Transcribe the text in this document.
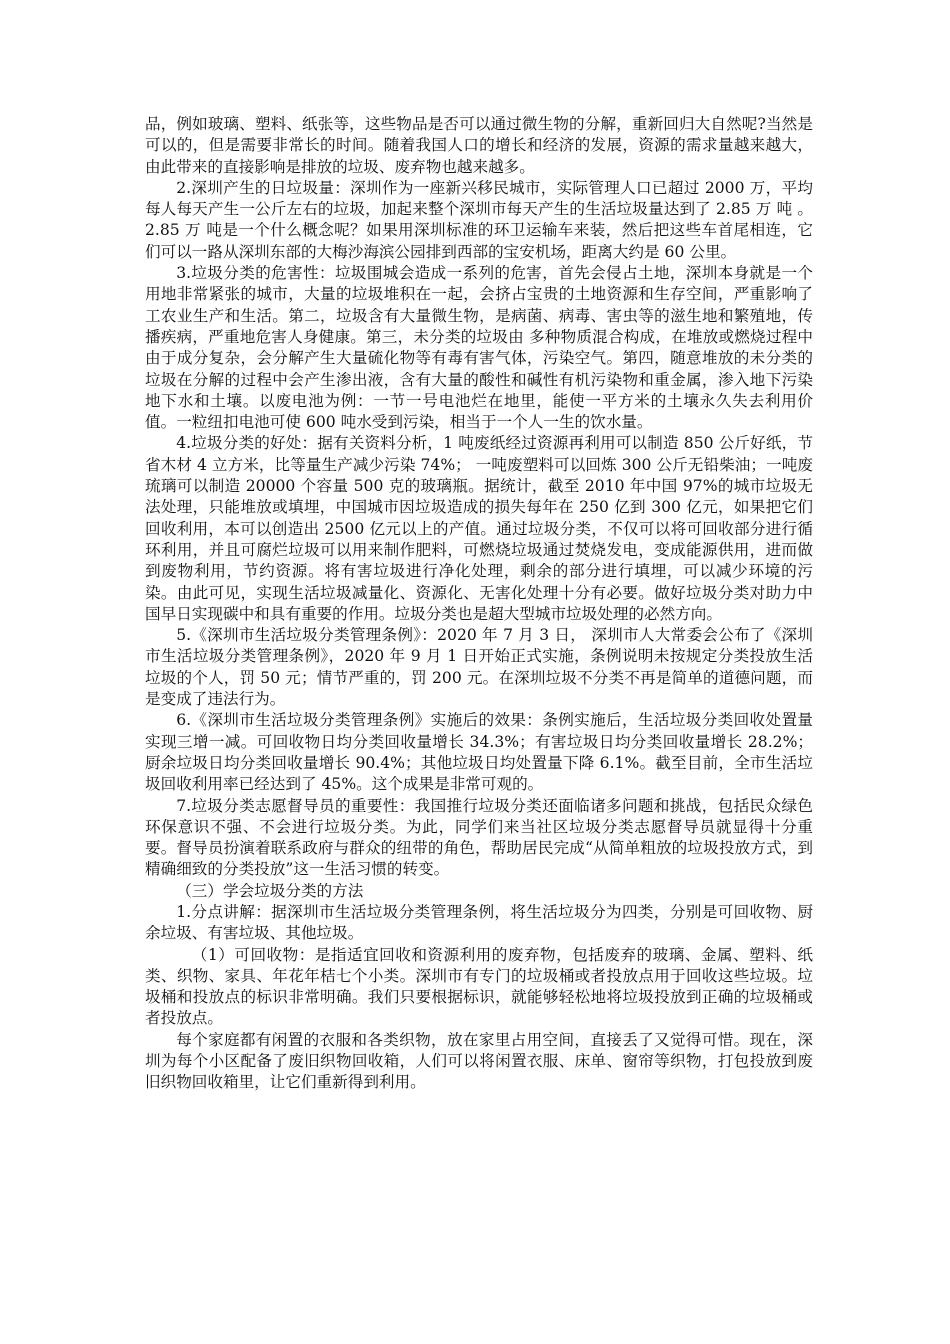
品，例如玻璃、塑料、纸张等，这些物品是否可以通过微生物的分解，重新回归大自然呢?当然是可以的，但是需要非常长的时间。随着我国人口的增长和经济的发展，资源的需求量越来越大，由此带来的直接影响是排放的垃圾、废弃物也越来越多。

2.深圳产生的日垃圾量：深圳作为一座新兴移民城市，实际管理人口已超过 2000 万，平均每人每天产生一公斤左右的垃圾，加起来整个深圳市每天产生的生活垃圾量达到了 2.85 万 吨 。2.85 万 吨是一个什么概念呢？如果用深圳标准的环卫运输车来装，然后把这些车首尾相连，它们可以一路从深圳东部的大梅沙海滨公园排到西部的宝安机场，距离大约是 60 公里。

3.垃圾分类的危害性：垃圾围城会造成一系列的危害，首先会侵占土地，深圳本身就是一个用地非常紧张的城市，大量的垃圾堆积在一起，会挤占宝贵的土地资源和生存空间，严重影响了工农业生产和生活。第二，垃圾含有大量微生物，是病菌、病毒、害虫等的滋生地和繁殖地，传播疾病，严重地危害人身健康。第三，未分类的垃圾由 多种物质混合构成，在堆放或燃烧过程中由于成分复杂，会分解产生大量硫化物等有毒有害气体，污染空气。第四，随意堆放的未分类的垃圾在分解的过程中会产生渗出液，含有大量的酸性和碱性有机污染物和重金属，渗入地下污染地下水和土壤。以废电池为例：一节一号电池烂在地里，能使一平方米的土壤永久失去利用价值。一粒纽扣电池可使 600 吨水受到污染，相当于一个人一生的饮水量。

4.垃圾分类的好处：据有关资料分析，1 吨废纸经过资源再利用可以制造 850 公斤好纸，节省木材 4 立方米，比等量生产减少污染 74%； 一吨废塑料可以回炼 300 公斤无铅柴油；一吨废琉璃可以制造 20000 个容量 500 克的玻璃瓶。据统计，截至 2010 年中国 97%的城市垃圾无法处理，只能堆放或填埋，中国城市因垃圾造成的损失每年在 250 亿到 300 亿元，如果把它们回收利用，本可以创造出 2500 亿元以上的产值。通过垃圾分类，不仅可以将可回收部分进行循环利用，并且可腐烂垃圾可以用来制作肥料，可燃烧垃圾通过焚烧发电，变成能源供用，进而做到废物利用，节约资源。将有害垃圾进行净化处理，剩余的部分进行填埋，可以减少环境的污染。由此可见，实现生活垃圾减量化、资源化、无害化处理十分有必要。做好垃圾分类对助力中国早日实现碳中和具有重要的作用。垃圾分类也是超大型城市垃圾处理的必然方向。

5.《深圳市生活垃圾分类管理条例》：2020 年 7 月 3 日， 深圳市人大常委会公布了《深圳市生活垃圾分类管理条例》，2020 年 9 月 1 日开始正式实施，条例说明未按规定分类投放生活垃圾的个人，罚 50 元；情节严重的，罚 200 元。在深圳垃圾不分类不再是简单的道德问题，而是变成了违法行为。

6.《深圳市生活垃圾分类管理条例》实施后的效果：条例实施后，生活垃圾分类回收处置量实现三增一减。可回收物日均分类回收量增长 34.3%；有害垃圾日均分类回收量增长 28.2%；厨余垃圾日均分类回收量增长 90.4%；其他垃圾日均处置量下降 6.1%。截至目前，全市生活垃圾回收利用率已经达到了 45%。这个成果是非常可观的。

7.垃圾分类志愿督导员的重要性：我国推行垃圾分类还面临诸多问题和挑战，包括民众绿色环保意识不强、不会进行垃圾分类。为此，同学们来当社区垃圾分类志愿督导员就显得十分重要。督导员扮演着联系政府与群众的纽带的角色，帮助居民完成“从简单粗放的垃圾投放方式，到精确细致的分类投放”这一生活习惯的转变。

（三）学会垃圾分类的方法

1.分点讲解：据深圳市生活垃圾分类管理条例，将生活垃圾分为四类，分别是可回收物、厨余垃圾、有害垃圾、其他垃圾。

（1）可回收物：是指适宜回收和资源利用的废弃物，包括废弃的玻璃、金属、塑料、纸类、织物、家具、年花年桔七个小类。深圳市有专门的垃圾桶或者投放点用于回收这些垃圾。垃圾桶和投放点的标识非常明确。我们只要根据标识，就能够轻松地将垃圾投放到正确的垃圾桶或者投放点。

每个家庭都有闲置的衣服和各类织物，放在家里占用空间，直接丢了又觉得可惜。现在，深圳为每个小区配备了废旧织物回收箱，人们可以将闲置衣服、床单、窗帘等织物，打包投放到废旧织物回收箱里，让它们重新得到利用。
